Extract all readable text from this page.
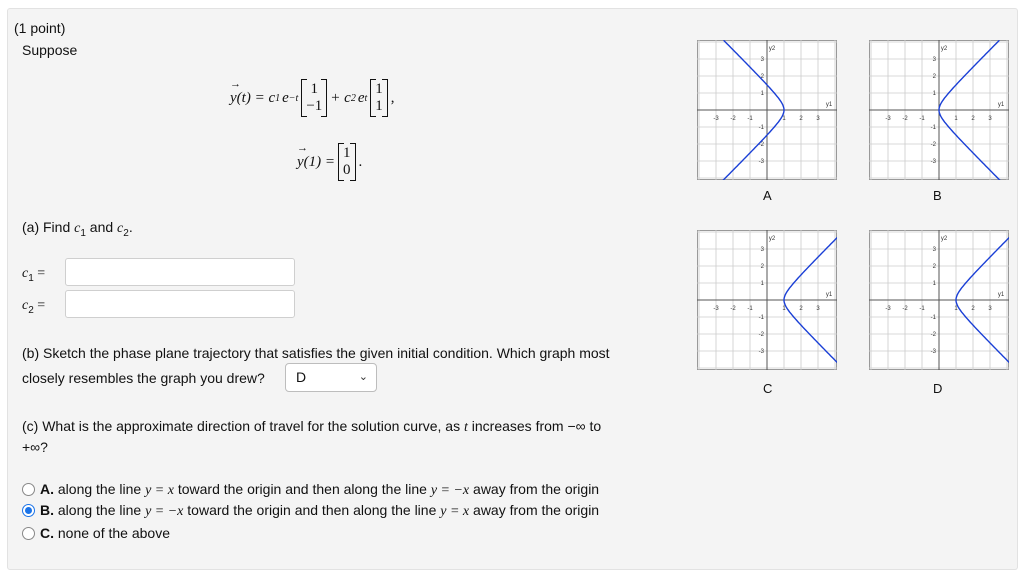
(1 point)
Suppose
→
y(t) = c 1 e −t
1
−1
+ c 2 e t
1
1
,
→
y(1) =
1
0
.
(a) Find $c_1$ and $c_2$.
$c_1$ =
$c_2$ =
(b) Sketch the phase plane trajectory that satisfies the given initial condition. Which graph most
closely resembles the graph you drew?	D	⌄
(c) What is the approximate direction of travel for the solution curve, as t increases from −∞ to
+∞?
A. along the line y = x toward the origin and then along the line y = −x away from the origin
B. along the line y = −x toward the origin and then along the line y = x away from the origin
C. none of the above
-3
-3
-2
-2
-1
-1
1
1
2
2
3
3
y1
y2
A
-3
-3
-2
-2
-1
-1
1
1
2
2
3
3
y1
y2
B
-3
-3
-2
-2
-1
-1
1
1
2
2
3
3
y1
y2
C
-3
-3
-2
-2
-1
-1
1
1
2
2
3
3
y1
y2
D
